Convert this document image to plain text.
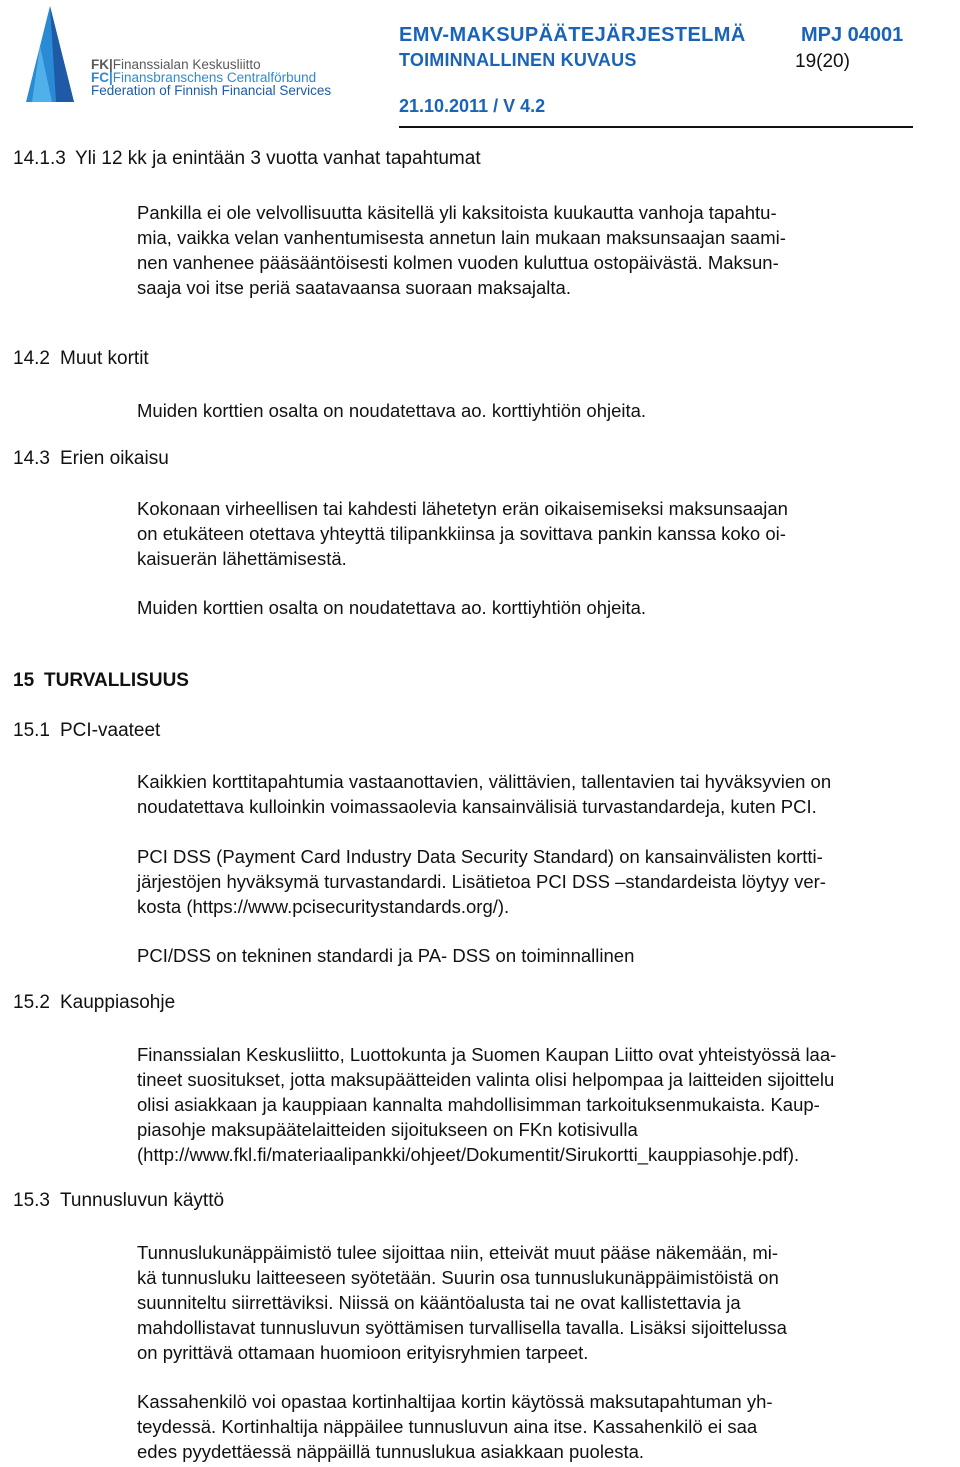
FK|Finanssialan Keskusliitto
FC|Finansbranschens Centralförbund
Federation of Finnish Financial Services
EMV-MAKSUPÄÄTEJÄRJESTELMÄ
TOIMINNALLINEN KUVAUS
MPJ 04001
19(20)
21.10.2011 / V 4.2
14.1.3 Yli 12 kk ja enintään 3 vuotta vanhat tapahtumat
Pankilla ei ole velvollisuutta käsitellä yli kaksitoista kuukautta vanhoja tapahtu-
mia, vaikka velan vanhentumisesta annetun lain mukaan maksunsaajan saami-
nen vanhenee pääsääntöisesti kolmen vuoden kuluttua ostopäivästä. Maksun-
saaja voi itse periä saatavaansa suoraan maksajalta.
14.2 Muut kortit
Muiden korttien osalta on noudatettava ao. korttiyhtiön ohjeita.
14.3 Erien oikaisu
Kokonaan virheellisen tai kahdesti lähetetyn erän oikaisemiseksi maksunsaajan
on etukäteen otettava yhteyttä tilipankkiinsa ja sovittava pankin kanssa koko oi-
kaisuerän lähettämisestä.
Muiden korttien osalta on noudatettava ao. korttiyhtiön ohjeita.
15 TURVALLISUUS
15.1 PCI-vaateet
Kaikkien korttitapahtumia vastaanottavien, välittävien, tallentavien tai hyväksyvien on
noudatettava kulloinkin voimassaolevia kansainvälisiä turvastandardeja, kuten PCI.
PCI DSS (Payment Card Industry Data Security Standard) on kansainvälisten kortti-
järjestöjen hyväksymä turvastandardi. Lisätietoa PCI DSS –standardeista löytyy ver-
kosta (https://www.pcisecuritystandards.org/).
PCI/DSS on tekninen standardi ja PA- DSS on toiminnallinen
15.2 Kauppiasohje
Finanssialan Keskusliitto, Luottokunta ja Suomen Kaupan Liitto ovat yhteistyössä laa-
tineet suositukset, jotta maksupäätteiden valinta olisi helpompaa ja laitteiden sijoittelu
olisi asiakkaan ja kauppiaan kannalta mahdollisimman tarkoituksenmukaista. Kaup-
piasohje maksupäätelaitteiden sijoitukseen on FKn kotisivulla
(http://www.fkl.fi/materiaalipankki/ohjeet/Dokumentit/Sirukortti_kauppiasohje.pdf).
15.3 Tunnusluvun käyttö
Tunnuslukunäppäimistö tulee sijoittaa niin, etteivät muut pääse näkemään, mi-
kä tunnusluku laitteeseen syötetään. Suurin osa tunnuslukunäppäimistöistä on
suunniteltu siirrettäviksi. Niissä on kääntöalusta tai ne ovat kallistettavia ja
mahdollistavat tunnusluvun syöttämisen turvallisella tavalla. Lisäksi sijoittelussa
on pyrittävä ottamaan huomioon erityisryhmien tarpeet.
Kassahenkilö voi opastaa kortinhaltijaa kortin käytössä maksutapahtuman yh-
teydessä. Kortinhaltija näppäilee tunnusluvun aina itse. Kassahenkilö ei saa
edes pyydettäessä näppäillä tunnuslukua asiakkaan puolesta.
